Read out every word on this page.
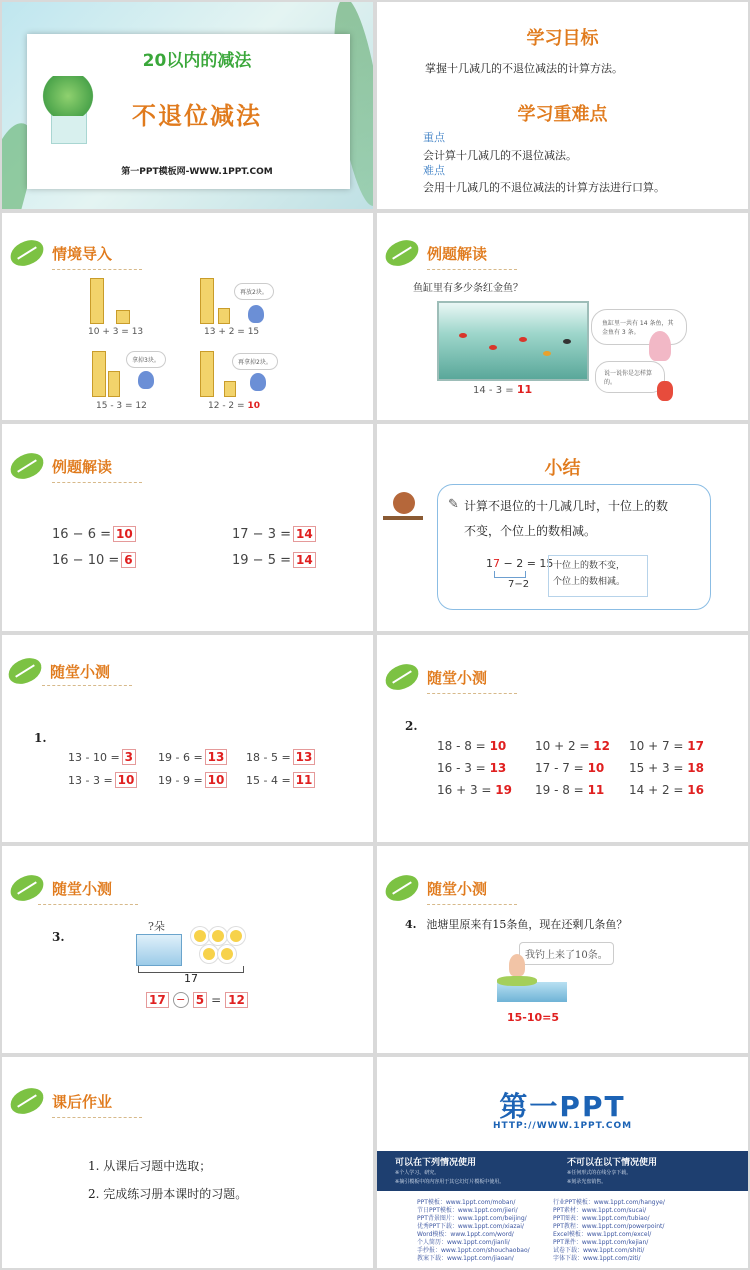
20以内的减法
不退位减法
第一PPT模板网-WWW.1PPT.COM
学习目标
掌握十几减几的不退位减法的计算方法。
学习重难点
重点
会计算十几减几的不退位减法。
难点
会用十几减几的不退位减法的计算方法进行口算。
情境导入
10 + 3 = 13
再放2块。
13 + 2 = 15
拿掉3块。
15 - 3 = 12
再拿掉2块。
12 - 2 = 10
例题解读
鱼缸里有多少条红金鱼？
14 - 3 = 11
鱼缸里一共有 14 条鱼，其金鱼有 3 条。
说一说你是怎样算的。
例题解读
16 − 6 = 10
16 − 10 = 6
17 − 3 = 14
19 − 5 = 14
小结
✎ 计算不退位的十几减几时，十位上的数
不变，个位上的数相减。
17 − 2 = 15
7−2
十位上的数不变，
个位上的数相减。
随堂小测
1.
13 - 10 = 3 19 - 6 = 13 18 - 5 = 13
13 - 3 = 10 19 - 9 = 10 15 - 4 = 11
随堂小测
2.
18 - 8 = 10 10 + 2 = 12 10 + 7 = 17
16 - 3 = 13 17 - 7 = 10 15 + 3 = 18
16 + 3 = 19 19 - 8 = 11 14 + 2 = 16
随堂小测
3.
?朵
17
17 − 5 = 12
随堂小测
4. 池塘里原来有15条鱼，现在还剩几条鱼？
我钓上来了10条。
15-10=5
课后作业
1. 从课后习题中选取；
2. 完成练习册本课时的习题。
第一PPT
HTTP://WWW.1PPT.COM
可以在下列情况使用
※个人学习、研究。
※摘引模板中的内容用于其它幻灯片模板中使用。
不可以在以下情况使用
※任何形式的在线分享下载。
※刻录光盘销售。
PPT模板：www.1ppt.com/moban/
节日PPT模板：www.1ppt.com/jieri/
PPT背景图片：www.1ppt.com/beijing/
优秀PPT下载：www.1ppt.com/xiazai/
Word模板：www.1ppt.com/word/
个人简历：www.1ppt.com/jianli/
手抄报：www.1ppt.com/shouchaobao/
教案下载：www.1ppt.com/jiaoan/
行业PPT模板：www.1ppt.com/hangye/
PPT素材：www.1ppt.com/sucai/
PPT图表：www.1ppt.com/tubiao/
PPT教程：www.1ppt.com/powerpoint/
Excel模板：www.1ppt.com/excel/
PPT课件：www.1ppt.com/kejian/
试卷下载：www.1ppt.com/shiti/
字体下载：www.1ppt.com/ziti/
